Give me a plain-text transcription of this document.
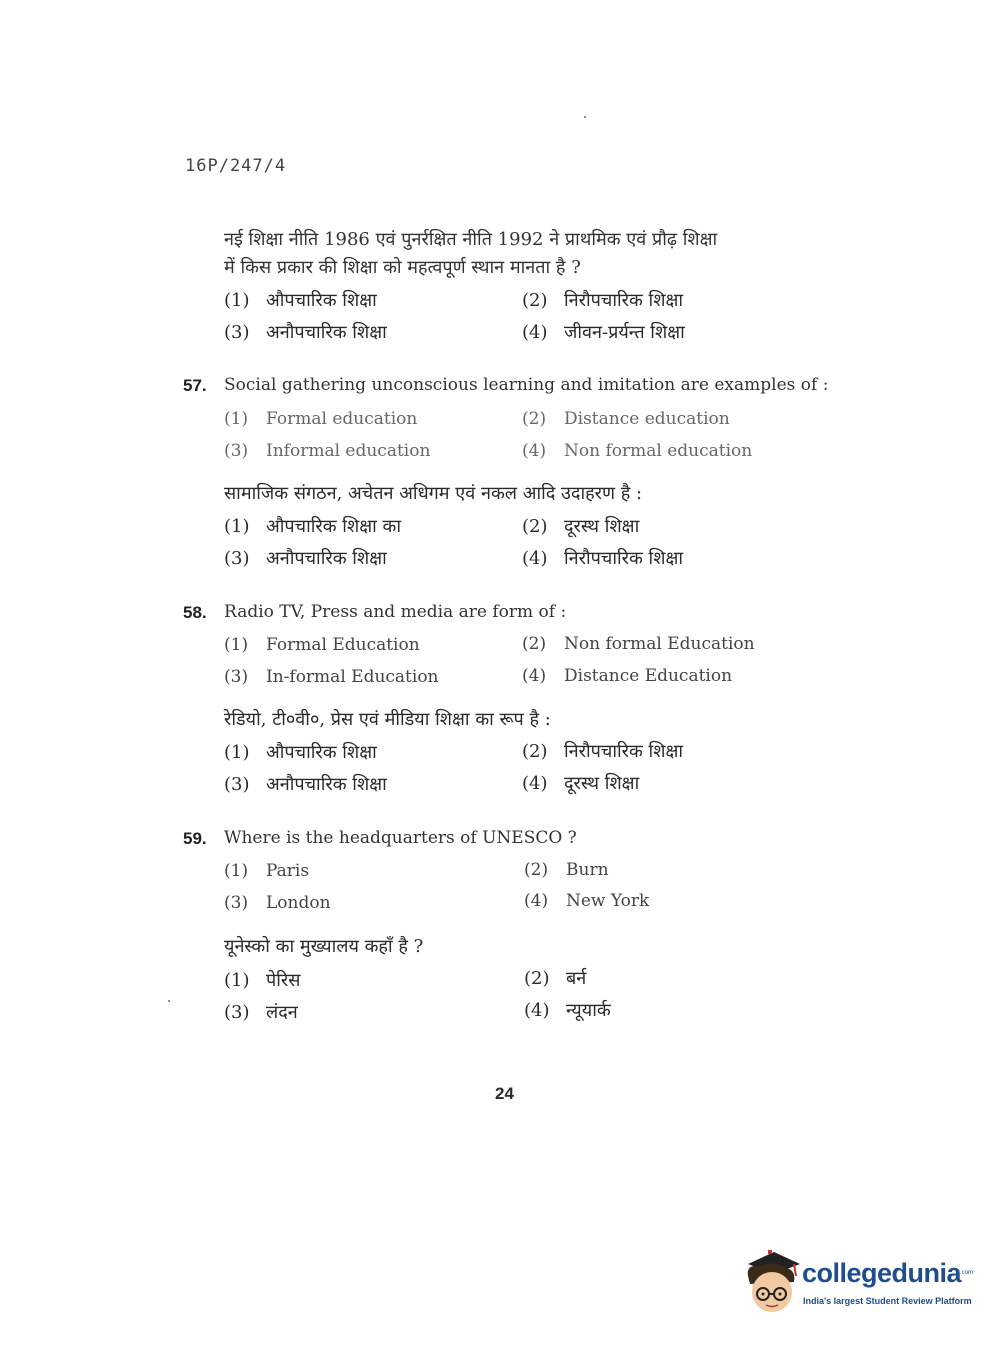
16P/247/4
नई शिक्षा नीति 1986 एवं पुनर्रक्षित नीति 1992 ने प्राथमिक एवं प्रौढ़ शिक्षा
में किस प्रकार की शिक्षा को महत्वपूर्ण स्थान मानता है ?
(1) औपचारिक शिक्षा	(2) निरौपचारिक शिक्षा
(3) अनौपचारिक शिक्षा	(4) जीवन-प्रर्यन्त शिक्षा
57. Social gathering unconscious learning and imitation are examples of :
(1) Formal education	(2) Distance education
(3) Informal education	(4) Non formal education
सामाजिक संगठन, अचेतन अधिगम एवं नकल आदि उदाहरण है :
(1) औपचारिक शिक्षा का	(2) दूरस्थ शिक्षा
(3) अनौपचारिक शिक्षा	(4) निरौपचारिक शिक्षा
58. Radio TV, Press and media are form of :
(1) Formal Education	(2) Non formal Education
(3) In-formal Education	(4) Distance Education
रेडियो, टी०वी०, प्रेस एवं मीडिया शिक्षा का रूप है :
(1) औपचारिक शिक्षा	(2) निरौपचारिक शिक्षा
(3) अनौपचारिक शिक्षा	(4) दूरस्थ शिक्षा
59. Where is the headquarters of UNESCO ?
(1) Paris	(2) Burn
(3) London	(4) New York
यूनेस्को का मुख्यालय कहाँ है ?
(1) पेरिस	(2) बर्न
(3) लंदन	(4) न्यूयार्क
24
collegedunia
.com
India's largest Student Review Platform
